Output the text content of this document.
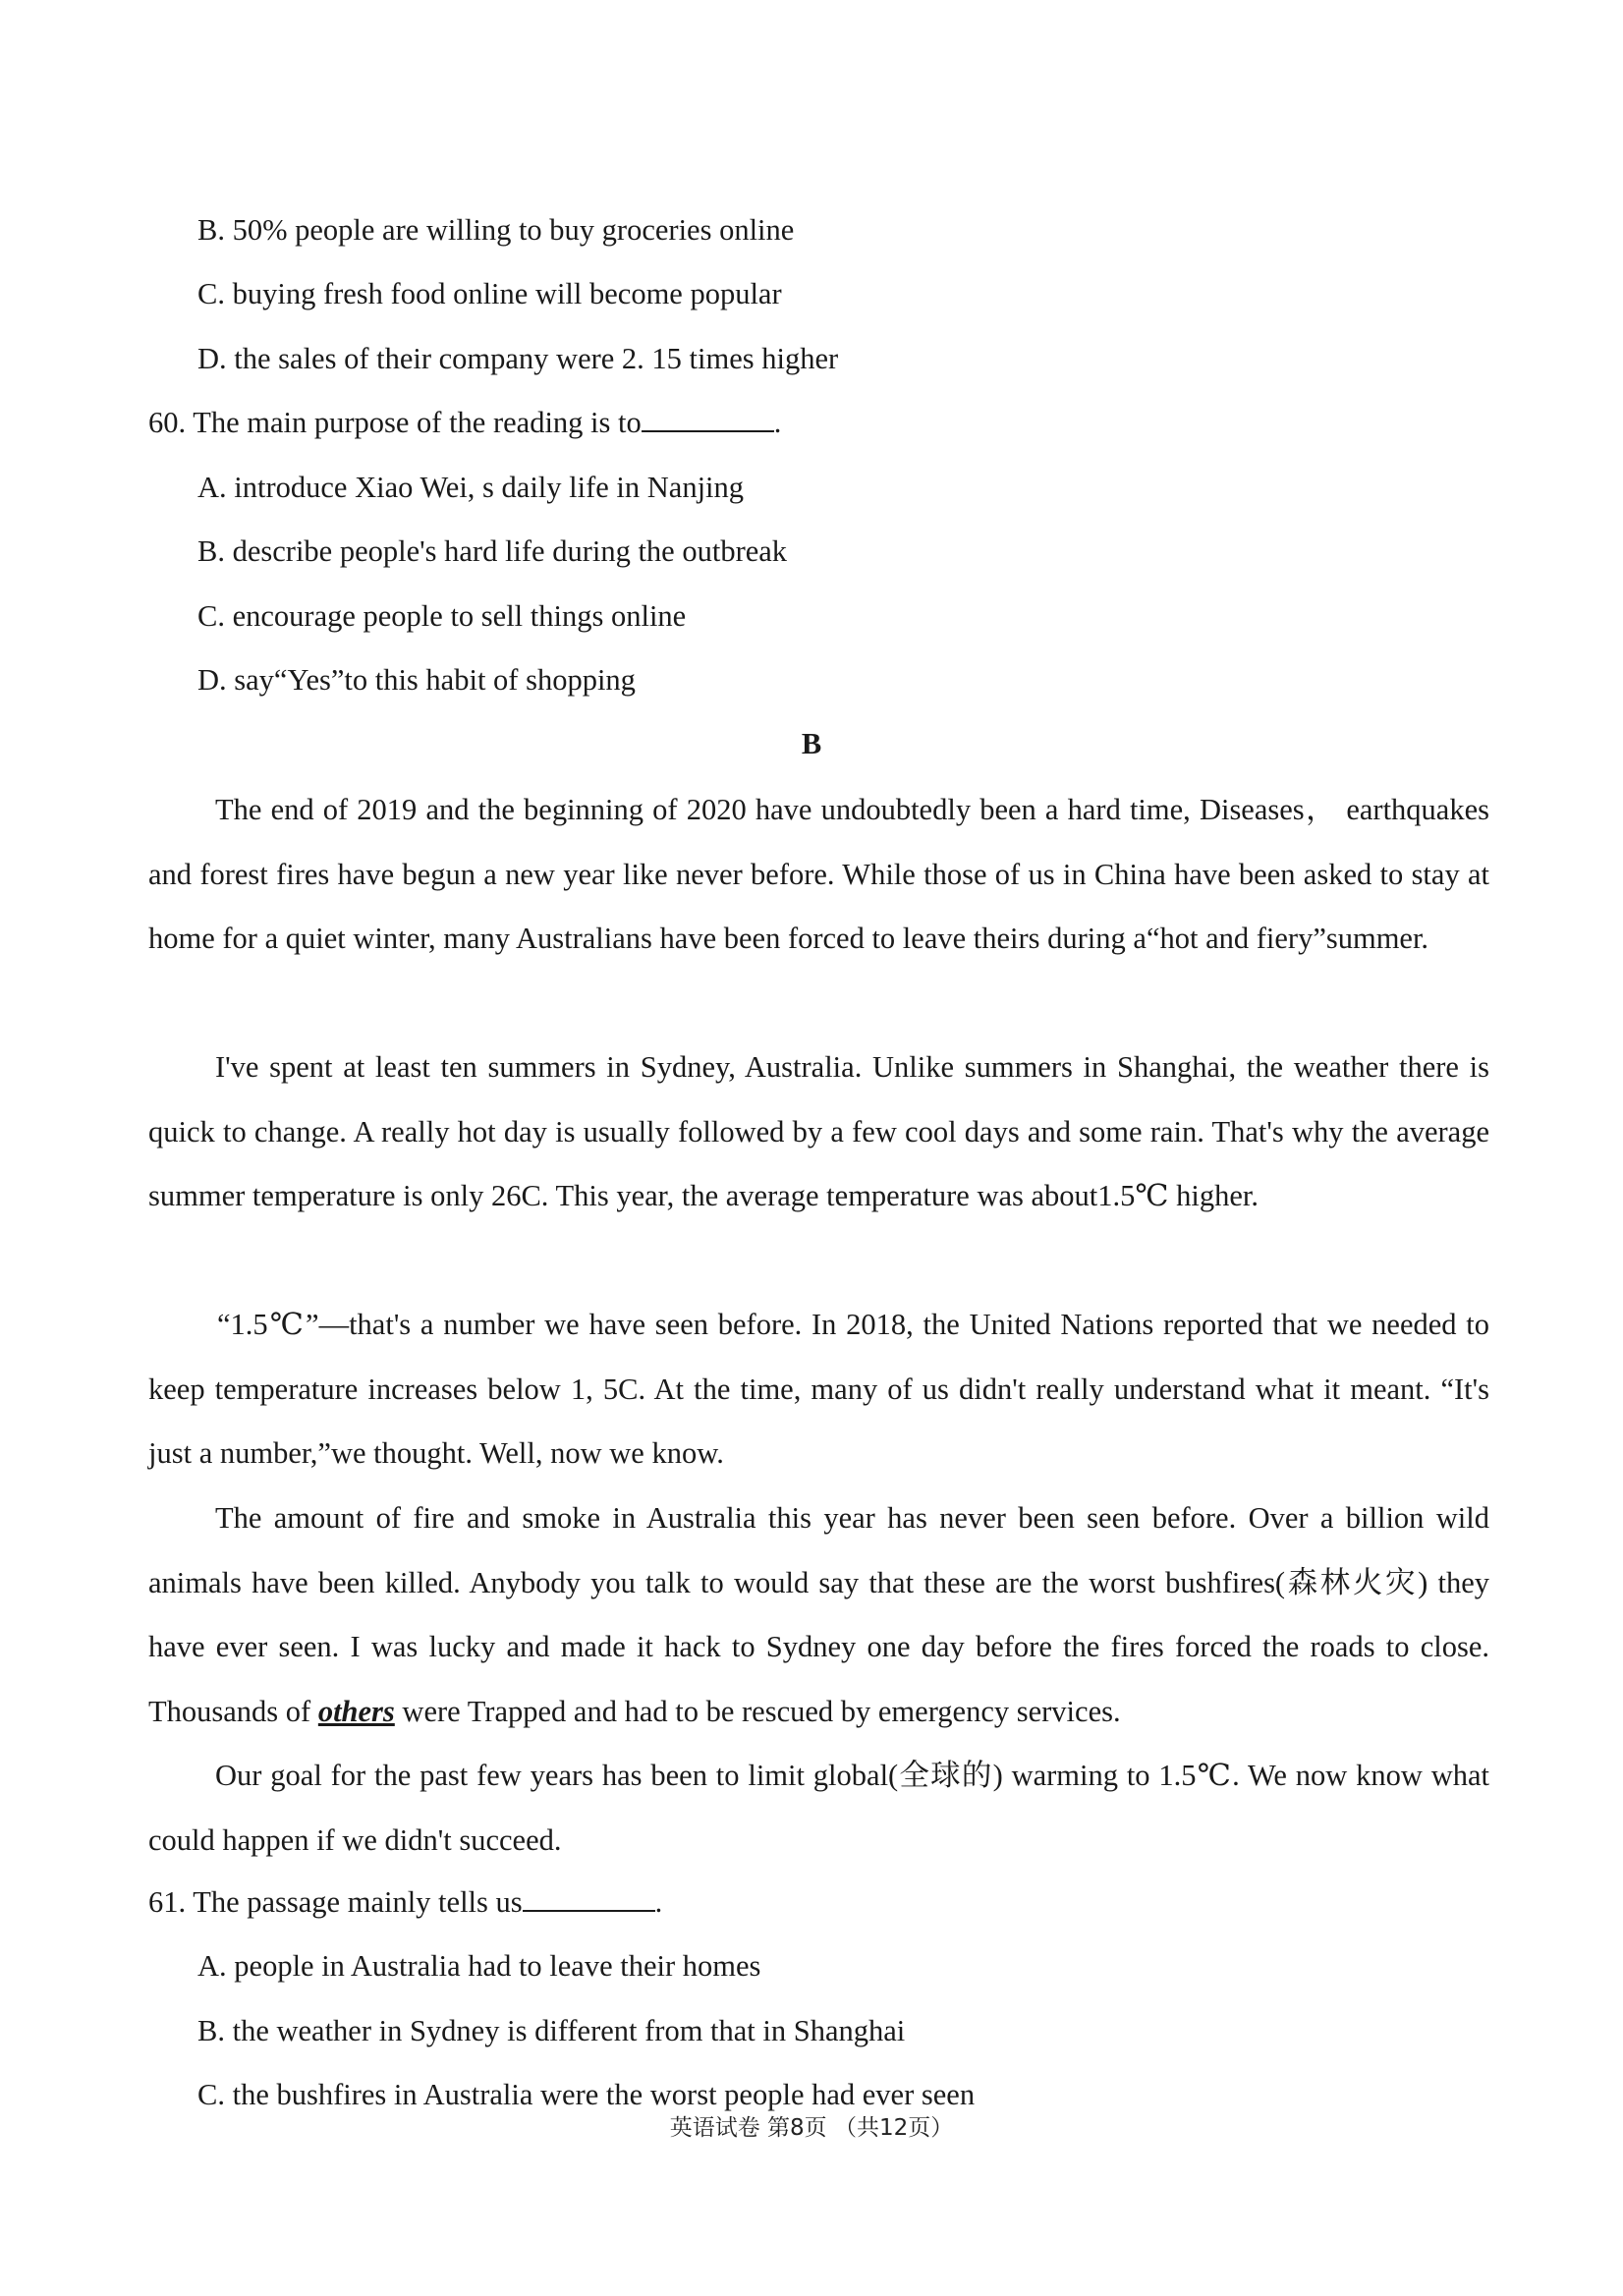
B. 50% people are willing to buy groceries online
C. buying fresh food online will become popular
D. the sales of their company were 2. 15 times higher
60. The main purpose of the reading is to	.
A. introduce Xiao Wei, s daily life in Nanjing
B. describe people's hard life during the outbreak
C. encourage people to sell things online
D. say“Yes”to this habit of shopping
B
The end of 2019 and the beginning of 2020 have undoubtedly been a hard time, Diseases， earthquakes and forest fires have begun a new year like never before. While those of us in China have been asked to stay at home for a quiet winter, many Australians have been forced to leave theirs during a“hot and fiery”summer.
I've spent at least ten summers in Sydney, Australia. Unlike summers in Shanghai, the weather there is quick to change. A really hot day is usually followed by a few cool days and some rain. That's why the average summer temperature is only 26C. This year, the average temperature was about1.5℃ higher.
“1.5℃”—that's a number we have seen before. In 2018, the United Nations reported that we needed to keep temperature increases below 1, 5C. At the time, many of us didn't really understand what it meant. “It's just a number,”we thought. Well, now we know.
The amount of fire and smoke in Australia this year has never been seen before. Over a billion wild animals have been killed. Anybody you talk to would say that these are the worst bushfires(森林火灾) they have ever seen. I was lucky and made it hack to Sydney one day before the fires forced the roads to close. Thousands of others were Trapped and had to be rescued by emergency services.
Our goal for the past few years has been to limit global(全球的) warming to 1.5℃. We now know what could happen if we didn't succeed.
61. The passage mainly tells us	.
A. people in Australia had to leave their homes
B. the weather in Sydney is different from that in Shanghai
C. the bushfires in Australia were the worst people had ever seen
英语试卷 第8页 （共12页）
